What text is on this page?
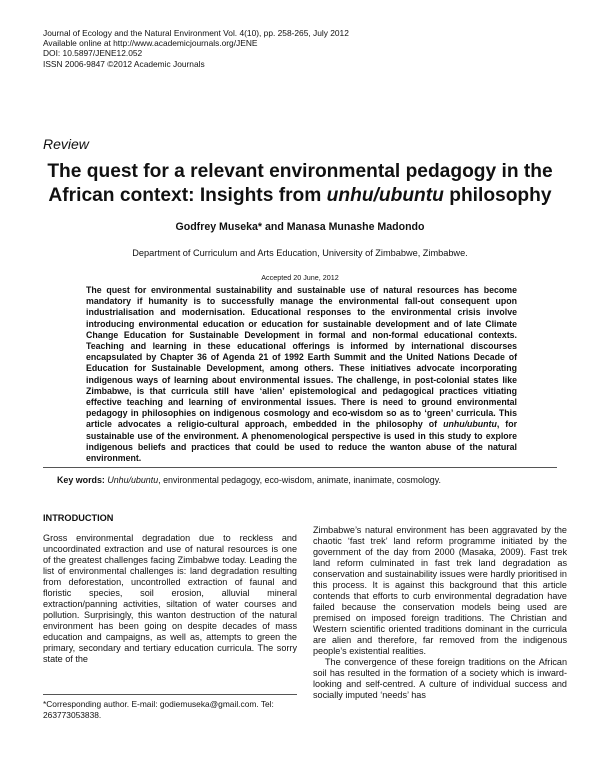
Journal of Ecology and the Natural Environment Vol. 4(10), pp. 258-265, July 2012
Available online at http://www.academicjournals.org/JENE
DOI: 10.5897/JENE12.052
ISSN 2006-9847 ©2012 Academic Journals
Review
The quest for a relevant environmental pedagogy in the
African context: Insights from unhu/ubuntu philosophy
Godfrey Museka* and Manasa Munashe Madondo
Department of Curriculum and Arts Education, University of Zimbabwe, Zimbabwe.
Accepted 20 June, 2012
The quest for environmental sustainability and sustainable use of natural resources has become mandatory if humanity is to successfully manage the environmental fall-out consequent upon industrialisation and modernisation. Educational responses to the environmental crisis involve introducing environmental education or education for sustainable development and of late Climate Change Education for Sustainable Development in formal and non-formal educational contexts. Teaching and learning in these educational offerings is informed by international discourses encapsulated by Chapter 36 of Agenda 21 of 1992 Earth Summit and the United Nations Decade of Education for Sustainable Development, among others. These initiatives advocate incorporating indigenous ways of learning about environmental issues. The challenge, in post-colonial states like Zimbabwe, is that curricula still have ‘alien’ epistemological and pedagogical practices vitiating effective teaching and learning of environmental issues. There is need to ground environmental pedagogy in philosophies on indigenous cosmology and eco-wisdom so as to ‘green’ curricula. This article advocates a religio-cultural approach, embedded in the philosophy of unhu/ubuntu, for sustainable use of the environment. A phenomenological perspective is used in this study to explore indigenous beliefs and practices that could be used to reduce the wanton abuse of the natural environment.
Key words: Unhu/ubuntu, environmental pedagogy, eco-wisdom, animate, inanimate, cosmology.
INTRODUCTION

Gross environmental degradation due to reckless and uncoordinated extraction and use of natural resources is one of the greatest challenges facing Zimbabwe today. Leading the list of environmental challenges is: land degradation resulting from deforestation, uncontrolled extraction of faunal and floristic species, soil erosion, alluvial mineral extraction/panning activities, siltation of water courses and pollution. Surprisingly, this wanton destruction of the natural environment has been going on despite decades of mass education and campaigns, as well as, attempts to green the primary, secondary and tertiary education curricula. The sorry state of the

Zimbabwe’s natural environment has been aggravated by the chaotic ‘fast trek’ land reform programme initiated by the government of the day from 2000 (Masaka, 2009). Fast trek land reform culminated in fast trek land degradation as conservation and sustainability issues were hardly prioritised in this process. It is against this background that this article contends that efforts to curb environmental degradation have failed because the conservation models being used are premised on imposed foreign traditions. The Christian and Western scientific oriented traditions dominant in the curricula are alien and therefore, far removed from the indigenous people’s existential realities.

The convergence of these foreign traditions on the African soil has resulted in the formation of a society which is inward-looking and self-centred. A culture of individual success and socially imputed ‘needs’ has

*Corresponding author. E-mail: godiemuseka@gmail.com. Tel: 263773053838.
